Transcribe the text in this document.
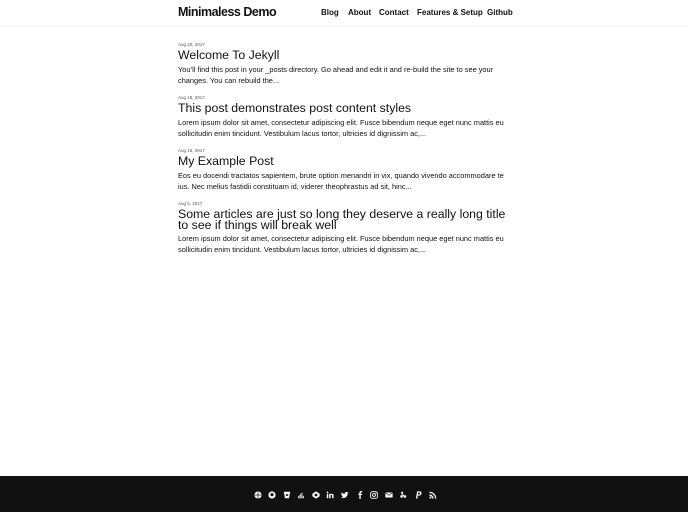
Minimaless Demo	Blog About Contact Features & Setup Github
Aug 20, 2017
Welcome To Jekyll

You’ll find this post in your _posts directory. Go ahead and edit it and re-build the site to see your changes. You can rebuild the...

Aug 18, 2017
This post demonstrates post content styles

Lorem ipsum dolor sit amet, consectetur adipiscing elit. Fusce bibendum neque eget nunc mattis eu sollicitudin enim tincidunt. Vestibulum lacus tortor, ultricies id dignissim ac,...

Aug 16, 2017
My Example Post

Eos eu docendi tractatos sapientem, brute option menandri in vix, quando vivendo accommodare te ius. Nec melius fastidii constituam id, viderer theophrastus ad sit, hinc...

Aug 5, 2017
Some articles are just so long they deserve a really long title to see if things will break well

Lorem ipsum dolor sit amet, consectetur adipiscing elit. Fusce bibendum neque eget nunc mattis eu sollicitudin enim tincidunt. Vestibulum lacus tortor, ultricies id dignissim ac,...
